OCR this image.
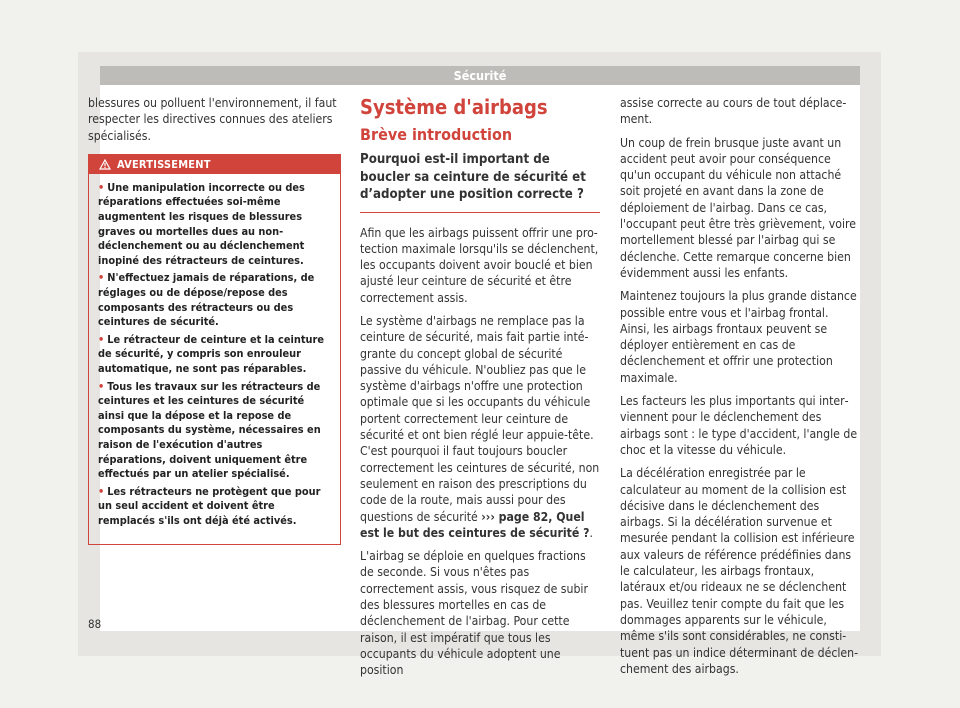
Sécurité

blessures ou polluent l'environnement, il faut respecter les directives connues des ateliers spécialisés.

AVERTISSEMENT
• Une manipulation incorrecte ou des réparations effectuées soi-même augmentent les risques de blessures graves ou mortelles dues au non-déclenchement ou au déclenchement inopiné des rétracteurs de ceintures.
• N'effectuez jamais de réparations, de réglages ou de dépose/repose des composants des rétracteurs ou des ceintures de sécurité.
• Le rétracteur de ceinture et la ceinture de sécurité, y compris son enrouleur automatique, ne sont pas réparables.
• Tous les travaux sur les rétracteurs de ceintures et les ceintures de sécurité ainsi que la dépose et la repose de composants du système, nécessaires en raison de l'exécution d'autres réparations, doivent uniquement être effectués par un atelier spécialisé.
• Les rétracteurs ne protègent que pour un seul accident et doivent être remplacés s'ils ont déjà été activés.
Système d'airbags
Brève introduction
Pourquoi est-il important de boucler sa ceinture de sécurité et d’adopter une position correcte ?

Afin que les airbags puissent offrir une protection maximale lorsqu'ils se déclenchent, les occupants doivent avoir bouclé et bien ajusté leur ceinture de sécurité et être correctement assis.

Le système d'airbags ne remplace pas la ceinture de sécurité, mais fait partie intégrante du concept global de sécurité passive du véhicule. N'oubliez pas que le système d'airbags n'offre une protection optimale que si les occupants du véhicule portent correctement leur ceinture de sécurité et ont bien réglé leur appuie-tête. C'est pourquoi il faut toujours boucler correctement les ceintures de sécurité, non seulement en raison des prescriptions du code de la route, mais aussi pour des questions de sécurité ››› page 82, Quel est le but des ceintures de sécurité ?.

L'airbag se déploie en quelques fractions de seconde. Si vous n'êtes pas correctement assis, vous risquez de subir des blessures mortelles en cas de déclenchement de l'airbag. Pour cette raison, il est impératif que tous les occupants du véhicule adoptent une position

assise correcte au cours de tout déplacement.

Un coup de frein brusque juste avant un accident peut avoir pour conséquence qu'un occupant du véhicule non attaché soit projeté en avant dans la zone de déploiement de l'airbag. Dans ce cas, l'occupant peut être très grièvement, voire mortellement blessé par l'airbag qui se déclenche. Cette remarque concerne bien évidemment aussi les enfants.

Maintenez toujours la plus grande distance possible entre vous et l'airbag frontal. Ainsi, les airbags frontaux peuvent se déployer entièrement en cas de déclenchement et offrir une protection maximale.

Les facteurs les plus importants qui interviennent pour le déclenchement des airbags sont : le type d'accident, l'angle de choc et la vitesse du véhicule.

La décélération enregistrée par le calculateur au moment de la collision est décisive dans le déclenchement des airbags. Si la décélération survenue et mesurée pendant la collision est inférieure aux valeurs de référence prédéfinies dans le calculateur, les airbags frontaux, latéraux et/ou rideaux ne se déclenchent pas. Veuillez tenir compte du fait que les dommages apparents sur le véhicule, même s'ils sont considérables, ne constituent pas un indice déterminant de déclenchement des airbags.

88
